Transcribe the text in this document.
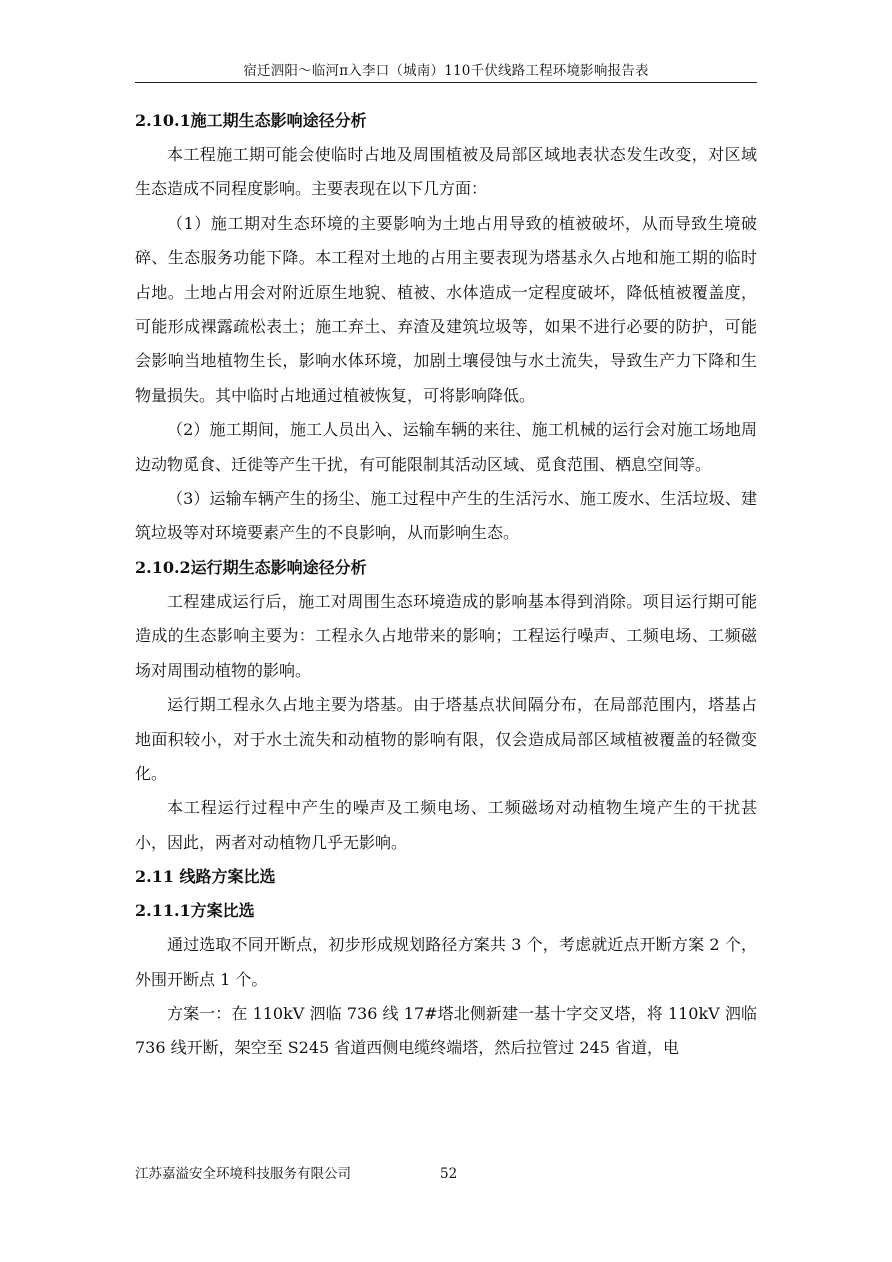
宿迁泗阳～临河π入李口（城南）110千伏线路工程环境影响报告表
2.10.1施工期生态影响途径分析
本工程施工期可能会使临时占地及周围植被及局部区域地表状态发生改变，对区域生态造成不同程度影响。主要表现在以下几方面：
（1）施工期对生态环境的主要影响为土地占用导致的植被破坏，从而导致生境破碎、生态服务功能下降。本工程对土地的占用主要表现为塔基永久占地和施工期的临时占地。土地占用会对附近原生地貌、植被、水体造成一定程度破坏，降低植被覆盖度，可能形成裸露疏松表土；施工弃土、弃渣及建筑垃圾等，如果不进行必要的防护，可能会影响当地植物生长，影响水体环境，加剧土壤侵蚀与水土流失，导致生产力下降和生物量损失。其中临时占地通过植被恢复，可将影响降低。
（2）施工期间，施工人员出入、运输车辆的来往、施工机械的运行会对施工场地周边动物觅食、迁徙等产生干扰，有可能限制其活动区域、觅食范围、栖息空间等。
（3）运输车辆产生的扬尘、施工过程中产生的生活污水、施工废水、生活垃圾、建筑垃圾等对环境要素产生的不良影响，从而影响生态。
2.10.2运行期生态影响途径分析
工程建成运行后，施工对周围生态环境造成的影响基本得到消除。项目运行期可能造成的生态影响主要为：工程永久占地带来的影响；工程运行噪声、工频电场、工频磁场对周围动植物的影响。
运行期工程永久占地主要为塔基。由于塔基点状间隔分布，在局部范围内，塔基占地面积较小，对于水土流失和动植物的影响有限，仅会造成局部区域植被覆盖的轻微变化。
本工程运行过程中产生的噪声及工频电场、工频磁场对动植物生境产生的干扰甚小，因此，两者对动植物几乎无影响。
2.11 线路方案比选
2.11.1方案比选
通过选取不同开断点，初步形成规划路径方案共 3 个，考虑就近点开断方案 2 个，外围开断点 1 个。
方案一：在 110kV 泗临 736 线 17#塔北侧新建一基十字交叉塔，将 110kV 泗临 736 线开断，架空至 S245 省道西侧电缆终端塔，然后拉管过 245 省道，电
江苏嘉溢安全环境科技服务有限公司	52
